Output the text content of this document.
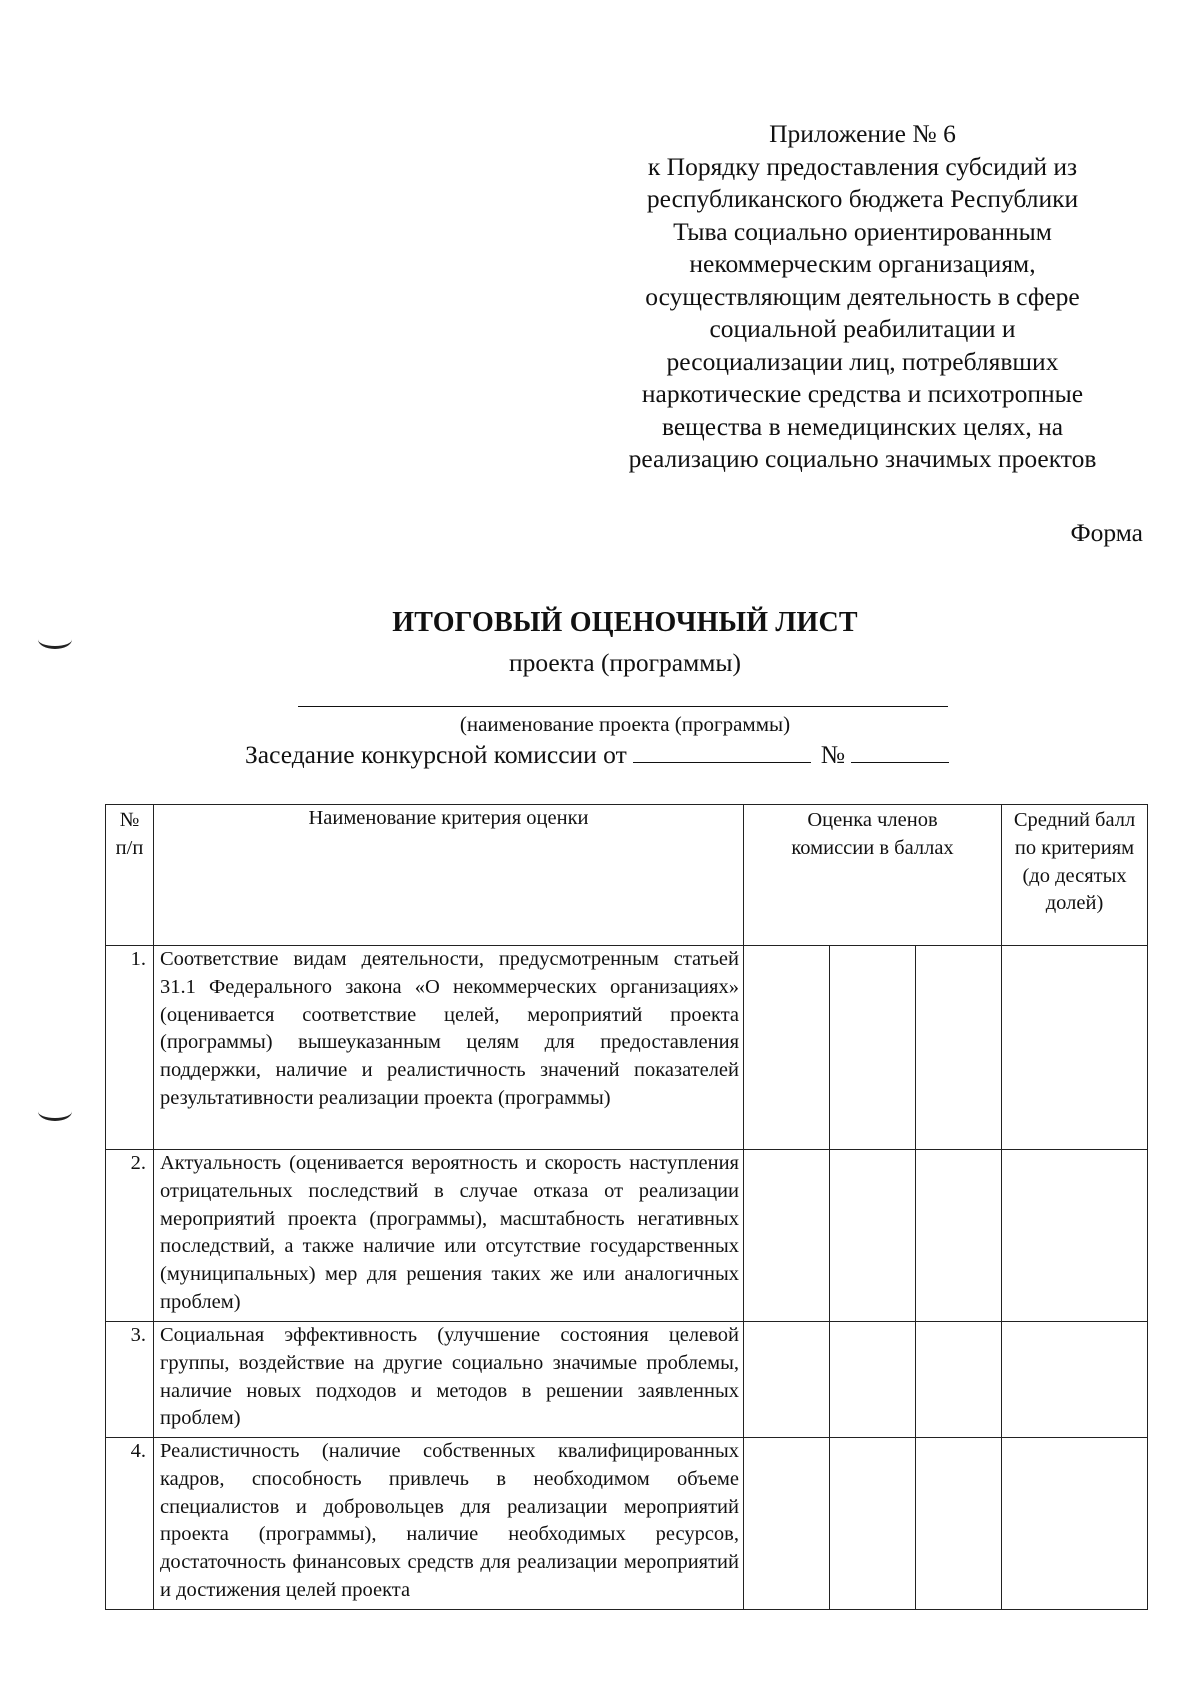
Приложение № 6
к Порядку предоставления субсидий из
республиканского бюджета Республики
Тыва социально ориентированным
некоммерческим организациям,
осуществляющим деятельность в сфере
социальной реабилитации и
ресоциализации лиц, потреблявших
наркотические средства и психотропные
вещества в немедицинских целях, на
реализацию социально значимых проектов
Форма
ИТОГОВЫЙ ОЦЕНОЧНЫЙ ЛИСТ
проекта (программы)
(наименование проекта (программы)
Заседание конкурсной комиссии от	№
№ п/п	Наименование критерия оценки	Оценка членов комиссии в баллах			Средний балл по критериям (до десятых долей)
1.	Соответствие видам деятельности, предусмотренным статьей 31.1 Федерального закона «О некоммерческих организациях» (оценивается соответствие целей, мероприятий проекта (программы) вышеуказанным целям для предоставления поддержки, наличие и реалистичность значений показателей результативности реализации проекта (программы)				
2.	Актуальность (оценивается вероятность и скорость наступления отрицательных последствий в случае отказа от реализации мероприятий проекта (программы), масштабность негативных последствий, а также наличие или отсутствие государственных (муниципальных) мер для решения таких же или аналогичных проблем)				
3.	Социальная эффективность (улучшение состояния целевой группы, воздействие на другие социально значимые проблемы, наличие новых подходов и методов в решении заявленных проблем)				
4.	Реалистичность (наличие собственных квалифицированных кадров, способность привлечь в необходимом объеме специалистов и добровольцев для реализации мероприятий проекта (программы), наличие необходимых ресурсов, достаточность финансовых средств для реализации мероприятий и достижения целей проекта				
